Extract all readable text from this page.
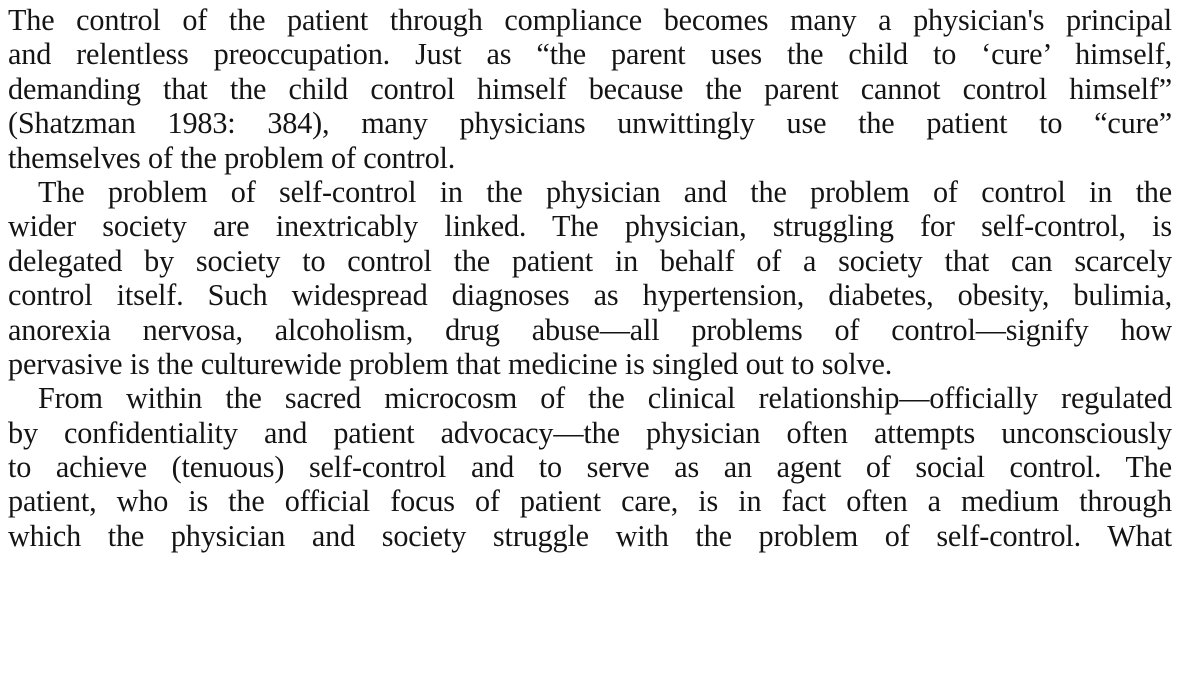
The control of the patient through compliance becomes many a physician's principal
and relentless preoccupation. Just as “the parent uses the child to ‘cure’ himself,
demanding that the child control himself because the parent cannot control himself”
(Shatzman 1983: 384), many physicians unwittingly use the patient to “cure”
themselves of the problem of control.
The problem of self-control in the physician and the problem of control in the
wider society are inextricably linked. The physician, struggling for self-control, is
delegated by society to control the patient in behalf of a society that can scarcely
control itself. Such widespread diagnoses as hypertension, diabetes, obesity, bulimia,
anorexia nervosa, alcoholism, drug abuse—all problems of control—signify how
pervasive is the culturewide problem that medicine is singled out to solve.
From within the sacred microcosm of the clinical relationship—officially regulated
by confidentiality and patient advocacy—the physician often attempts unconsciously
to achieve (tenuous) self-control and to serve as an agent of social control. The
patient, who is the official focus of patient care, is in fact often a medium through
which the physician and society struggle with the problem of self-control. What
